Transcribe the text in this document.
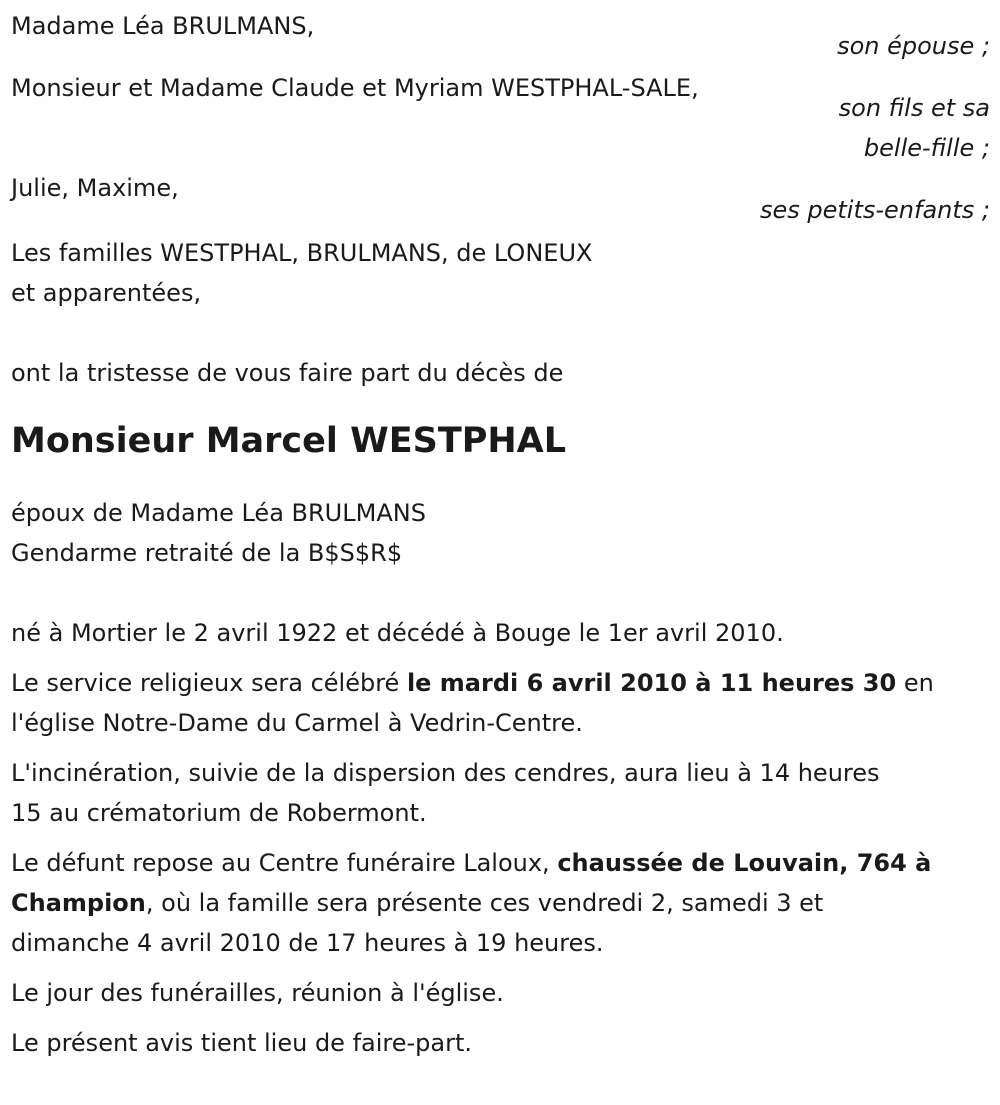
Madame Léa BRULMANS,
son épouse ;
Monsieur et Madame Claude et Myriam WESTPHAL-SALE,
son fils et sa
belle-fille ;
Julie, Maxime,
ses petits-enfants ;
Les familles WESTPHAL, BRULMANS, de LONEUX
et apparentées,

ont la tristesse de vous faire part du décès de

Monsieur Marcel WESTPHAL
époux de Madame Léa BRULMANS
Gendarme retraité de la B$S$R$

né à Mortier le 2 avril 1922 et décédé à Bouge le 1er avril 2010.

Le service religieux sera célébré le mardi 6 avril 2010 à 11 heures 30 en
l'église Notre-Dame du Carmel à Vedrin-Centre.

L'incinération, suivie de la dispersion des cendres, aura lieu à 14 heures
15 au crématorium de Robermont.

Le défunt repose au Centre funéraire Laloux, chaussée de Louvain, 764 à
Champion, où la famille sera présente ces vendredi 2, samedi 3 et
dimanche 4 avril 2010 de 17 heures à 19 heures.

Le jour des funérailles, réunion à l'église.

Le présent avis tient lieu de faire-part.
